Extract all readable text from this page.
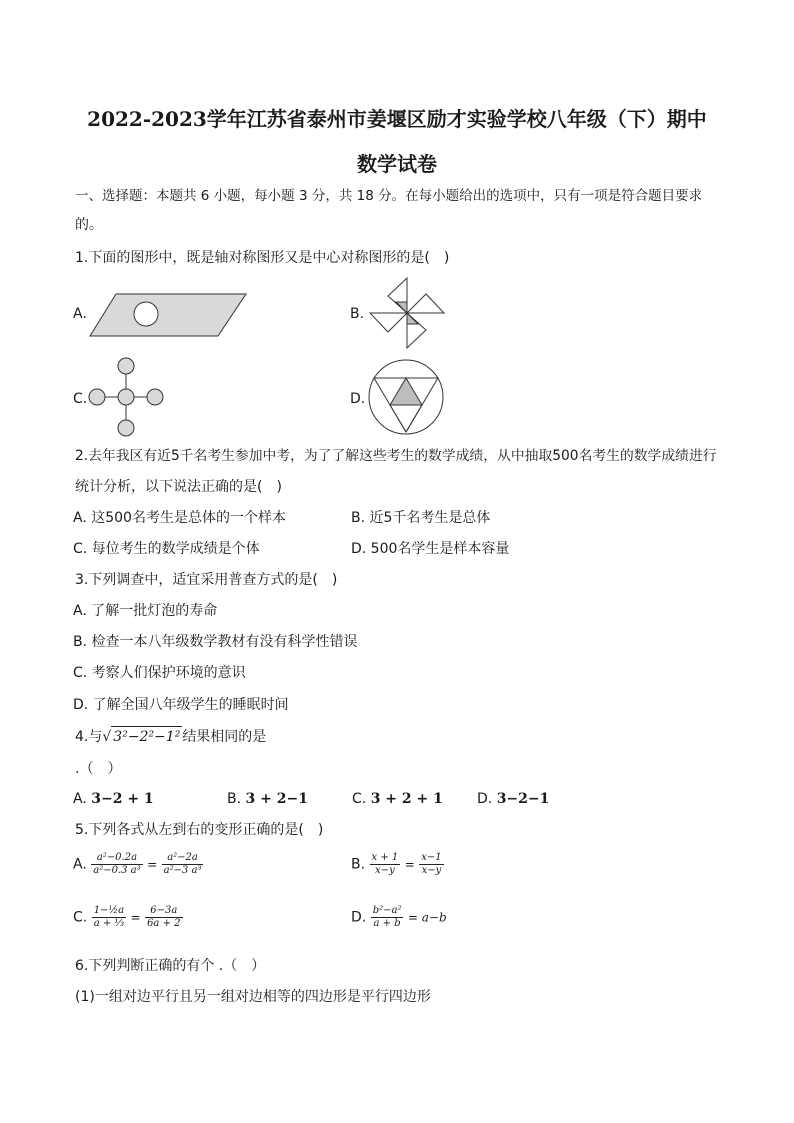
2022-2023学年江苏省泰州市姜堰区励才实验学校八年级（下）期中
数学试卷
一、选择题：本题共 6 小题，每小题 3 分，共 18 分。在每小题给出的选项中，只有一项是符合题目要求
的。
1.下面的图形中，既是轴对称图形又是中心对称图形的是(　)
A.	B.
C.	D.
2.去年我区有近5千名考生参加中考，为了了解这些考生的数学成绩，从中抽取500名考生的数学成绩进行
统计分析，以下说法正确的是(　)
A. 这500名考生是总体的一个样本	B. 近5千名考生是总体
C. 每位考生的数学成绩是个体	D. 500名学生是样本容量
3.下列调查中，适宜采用普查方式的是(　)
A. 了解一批灯泡的寿命
B. 检查一本八年级数学教材有没有科学性错误
C. 考察人们保护环境的意识
D. 了解全国八年级学生的睡眠时间
4.与√ 3²−2²−1² 结果相同的是
.（　）
A. 3−2 + 1	B. 3 + 2−1	C. 3 + 2 + 1 D. 3−2−1
5.下列各式从左到右的变形正确的是(　)
A. $\frac{\text{a²−0.2a}}{\text{a²−0.3 a³}} = \frac{\text{a²−2a}}{\text{a²−3 a³}}$	B. $\frac{x + 1}{x-y} = \frac{x-1}{x-y}$
C. $\frac{\text{1−½a}}{\text{a + ⅓}} = \frac{6-3a}{6a + 2}$	D. $\frac{\text{b²−a²}}{a + b} = a-b$
6.下列判断正确的有个 .（　）
(1)一组对边平行且另一组对边相等的四边形是平行四边形
